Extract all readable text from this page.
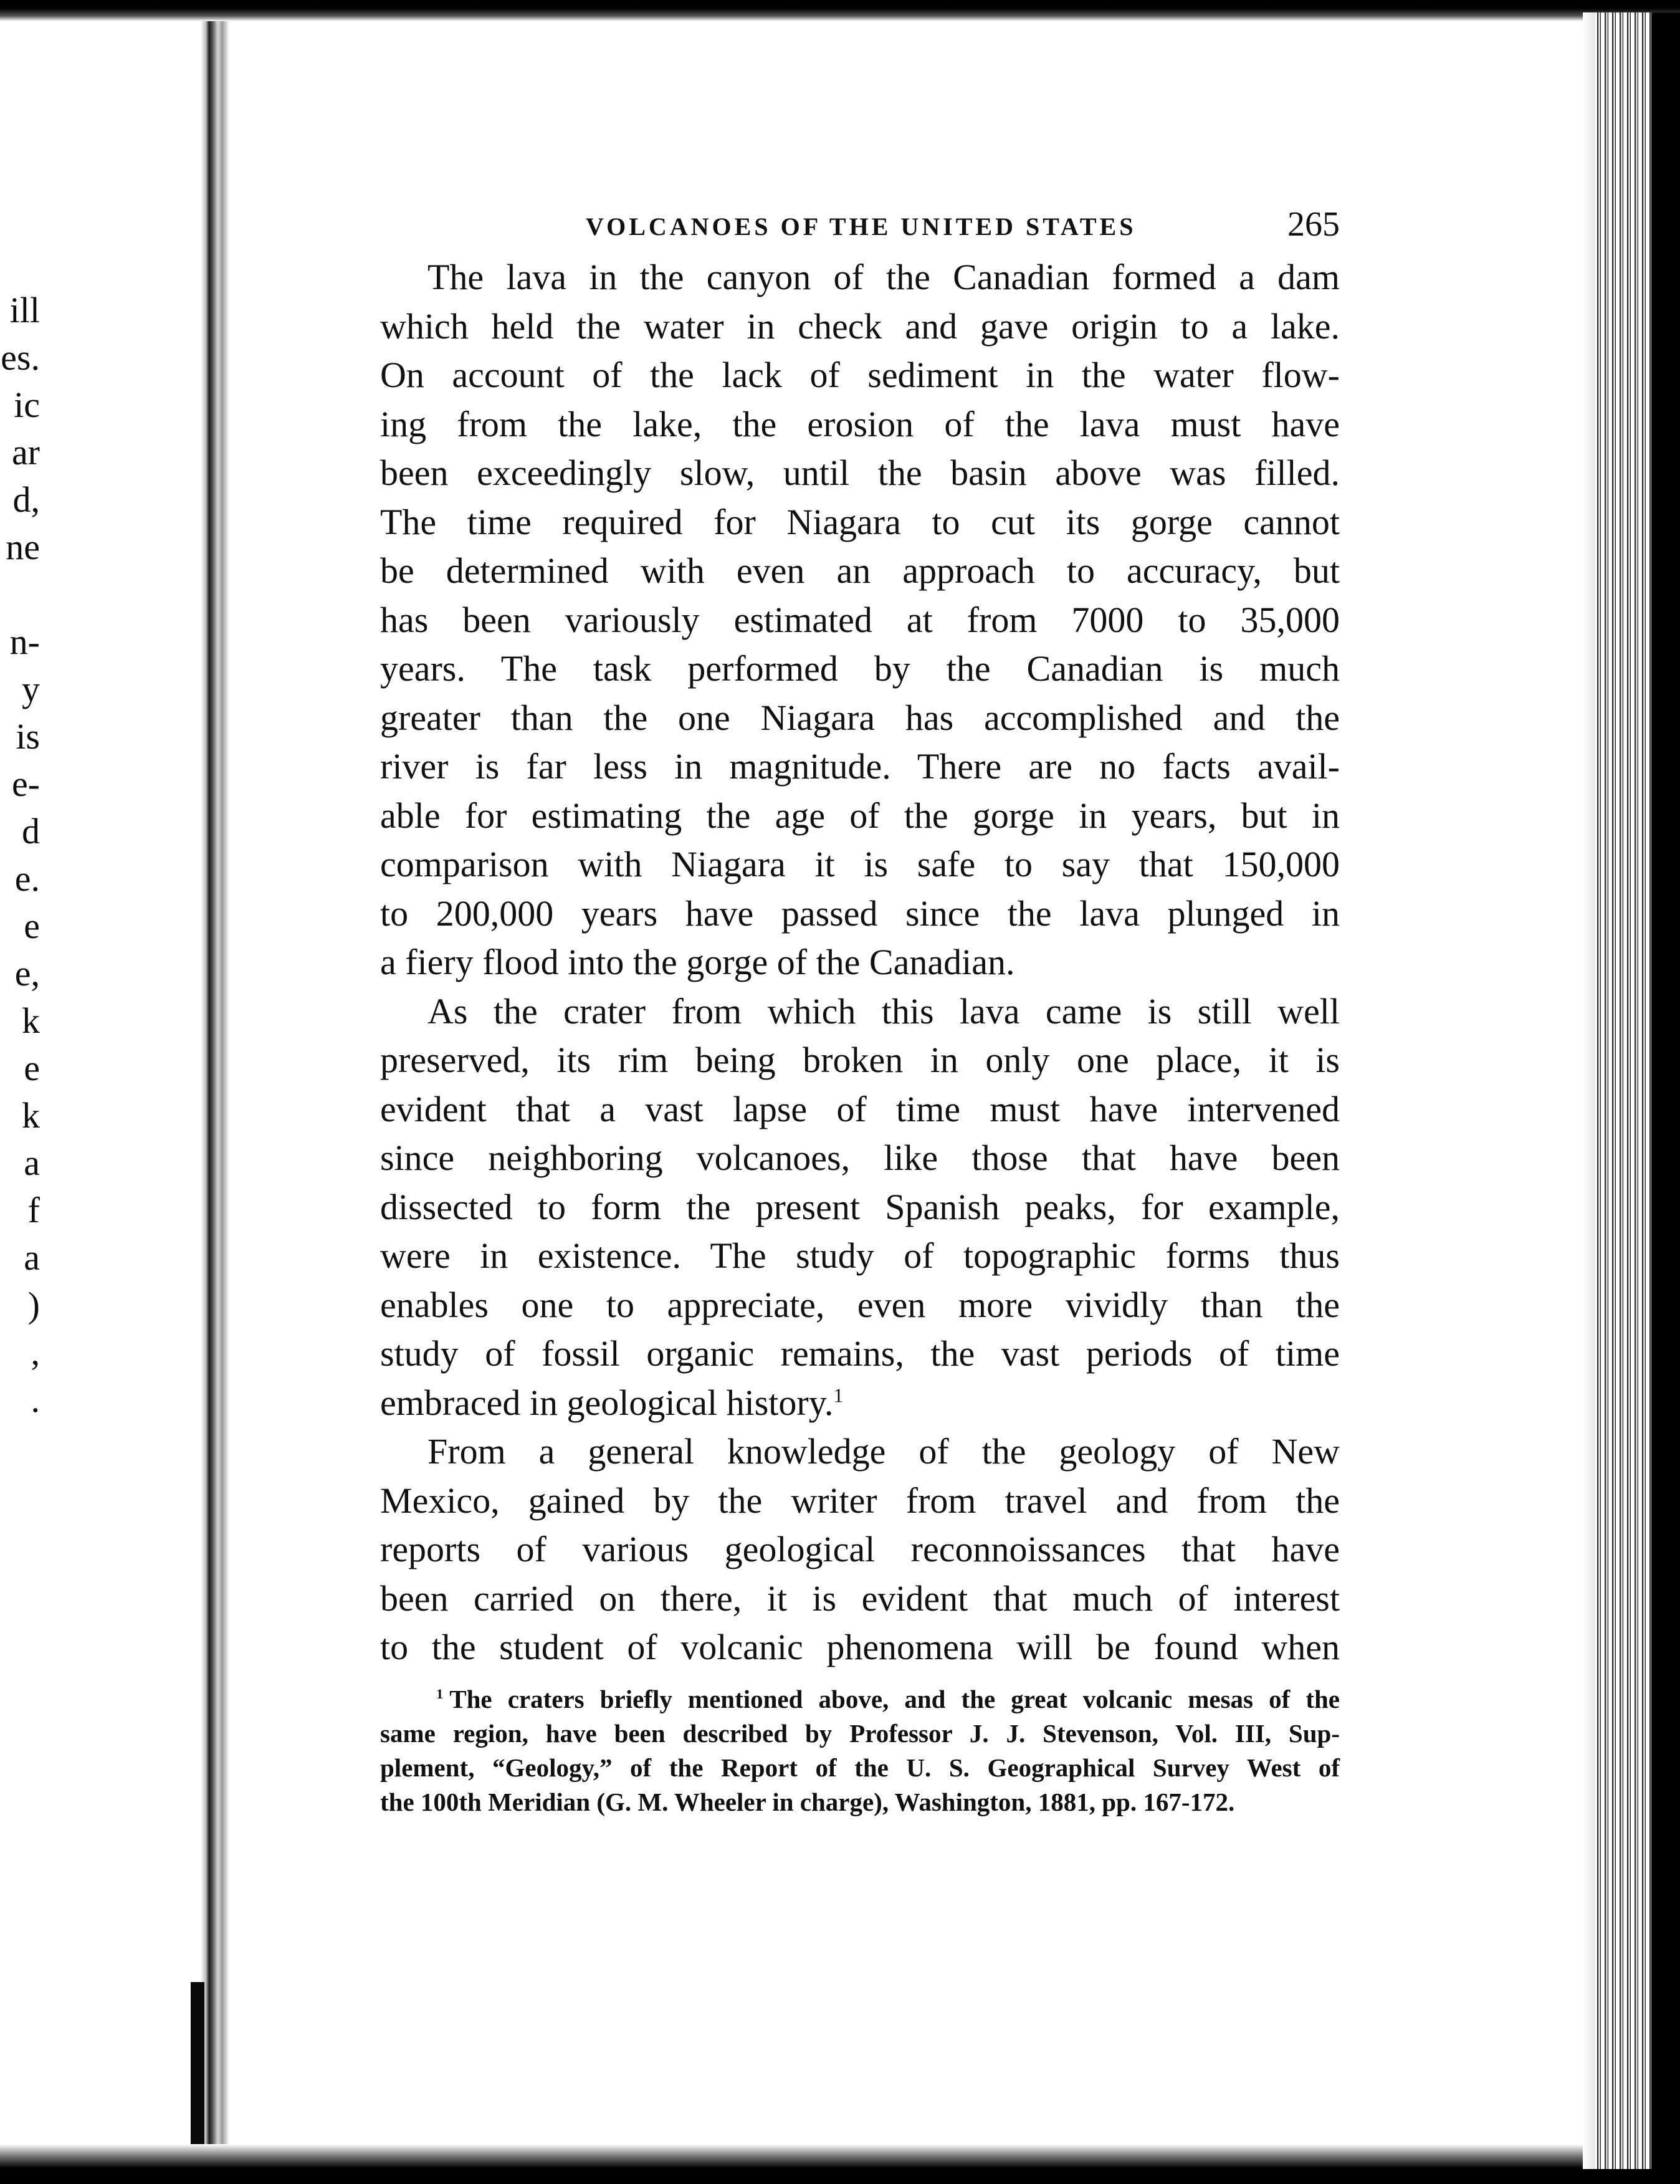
ill
es.
ic
ar
d,
ne
n-
y
is
e-
d
e.
e
e,
k
e
k
a
f
a
)
,
.
VOLCANOES OF THE UNITED STATES	265
The lava in the canyon of the Canadian formed a dam
which held the water in check and gave origin to a lake.
On account of the lack of sediment in the water flow-
ing from the lake, the erosion of the lava must have
been exceedingly slow, until the basin above was filled.
The time required for Niagara to cut its gorge cannot
be determined with even an approach to accuracy, but
has been variously estimated at from 7000 to 35,000
years. The task performed by the Canadian is much
greater than the one Niagara has accomplished and the
river is far less in magnitude. There are no facts avail-
able for estimating the age of the gorge in years, but in
comparison with Niagara it is safe to say that 150,000
to 200,000 years have passed since the lava plunged in
a fiery flood into the gorge of the Canadian.
As the crater from which this lava came is still well
preserved, its rim being broken in only one place, it is
evident that a vast lapse of time must have intervened
since neighboring volcanoes, like those that have been
dissected to form the present Spanish peaks, for example,
were in existence. The study of topographic forms thus
enables one to appreciate, even more vividly than the
study of fossil organic remains, the vast periods of time
embraced in geological history.$^1$
From a general knowledge of the geology of New
Mexico, gained by the writer from travel and from the
reports of various geological reconnoissances that have
been carried on there, it is evident that much of interest
to the student of volcanic phenomena will be found when
$^1$ The craters briefly mentioned above, and the great volcanic mesas of the
same region, have been described by Professor J. J. Stevenson, Vol. III, Sup-
plement, “Geology,” of the Report of the U. S. Geographical Survey West of
the 100th Meridian (G. M. Wheeler in charge), Washington, 1881, pp. 167-172.
